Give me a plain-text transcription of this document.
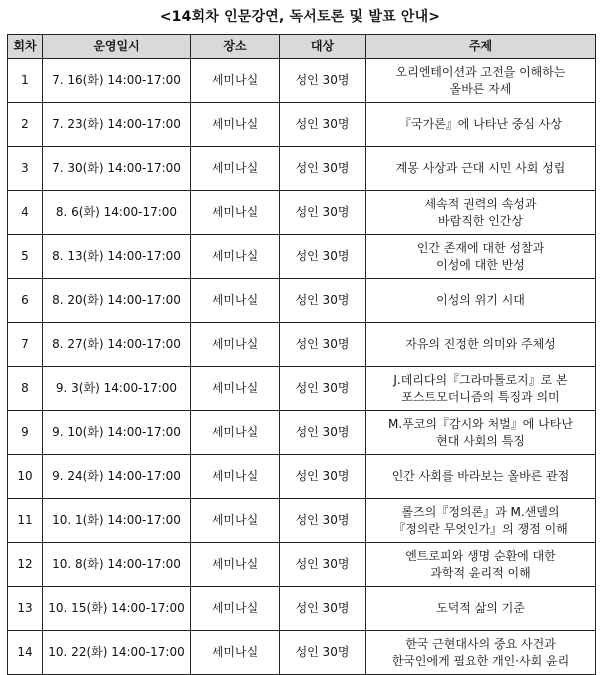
<14회차 인문강연, 독서토론 및 발표 안내>
회차	운영일시	장소	대상	주제
1	7. 16(화) 14:00-17:00	세미나실	성인 30명	오리엔테이션과 고전을 이해하는
올바른 자세

2	7. 23(화) 14:00-17:00	세미나실	성인 30명	『국가론』에 나타난 중심 사상

3	7. 30(화) 14:00-17:00	세미나실	성인 30명	계몽 사상과 근대 시민 사회 성립

4	8. 6(화) 14:00-17:00	세미나실	성인 30명	세속적 권력의 속성과
바람직한 인간상

5	8. 13(화) 14:00-17:00	세미나실	성인 30명	인간 존재에 대한 성찰과
이성에 대한 반성

6	8. 20(화) 14:00-17:00	세미나실	성인 30명	이성의 위기 시대

7	8. 27(화) 14:00-17:00	세미나실	성인 30명	자유의 진정한 의미와 주체성

8	9. 3(화) 14:00-17:00	세미나실	성인 30명	J.데리다의『그라마톨로지』로 본
포스트모더니즘의 특징과 의미

9	9. 10(화) 14:00-17:00	세미나실	성인 30명	M.푸코의『감시와 처벌』에 나타난
현대 사회의 특징

10	9. 24(화) 14:00-17:00	세미나실	성인 30명	인간 사회를 바라보는 올바른 관점

11	10. 1(화) 14:00-17:00	세미나실	성인 30명	롤즈의『정의론』과 M.샌델의
『정의란 무엇인가』의 쟁점 이해

12	10. 8(화) 14:00-17:00	세미나실	성인 30명	엔트로피와 생명 순환에 대한
과학적 윤리적 이해

13	10. 15(화) 14:00-17:00	세미나실	성인 30명	도덕적 삶의 기준

14	10. 22(화) 14:00-17:00	세미나실	성인 30명	한국 근현대사의 중요 사건과
한국인에게 필요한 개인·사회 윤리
